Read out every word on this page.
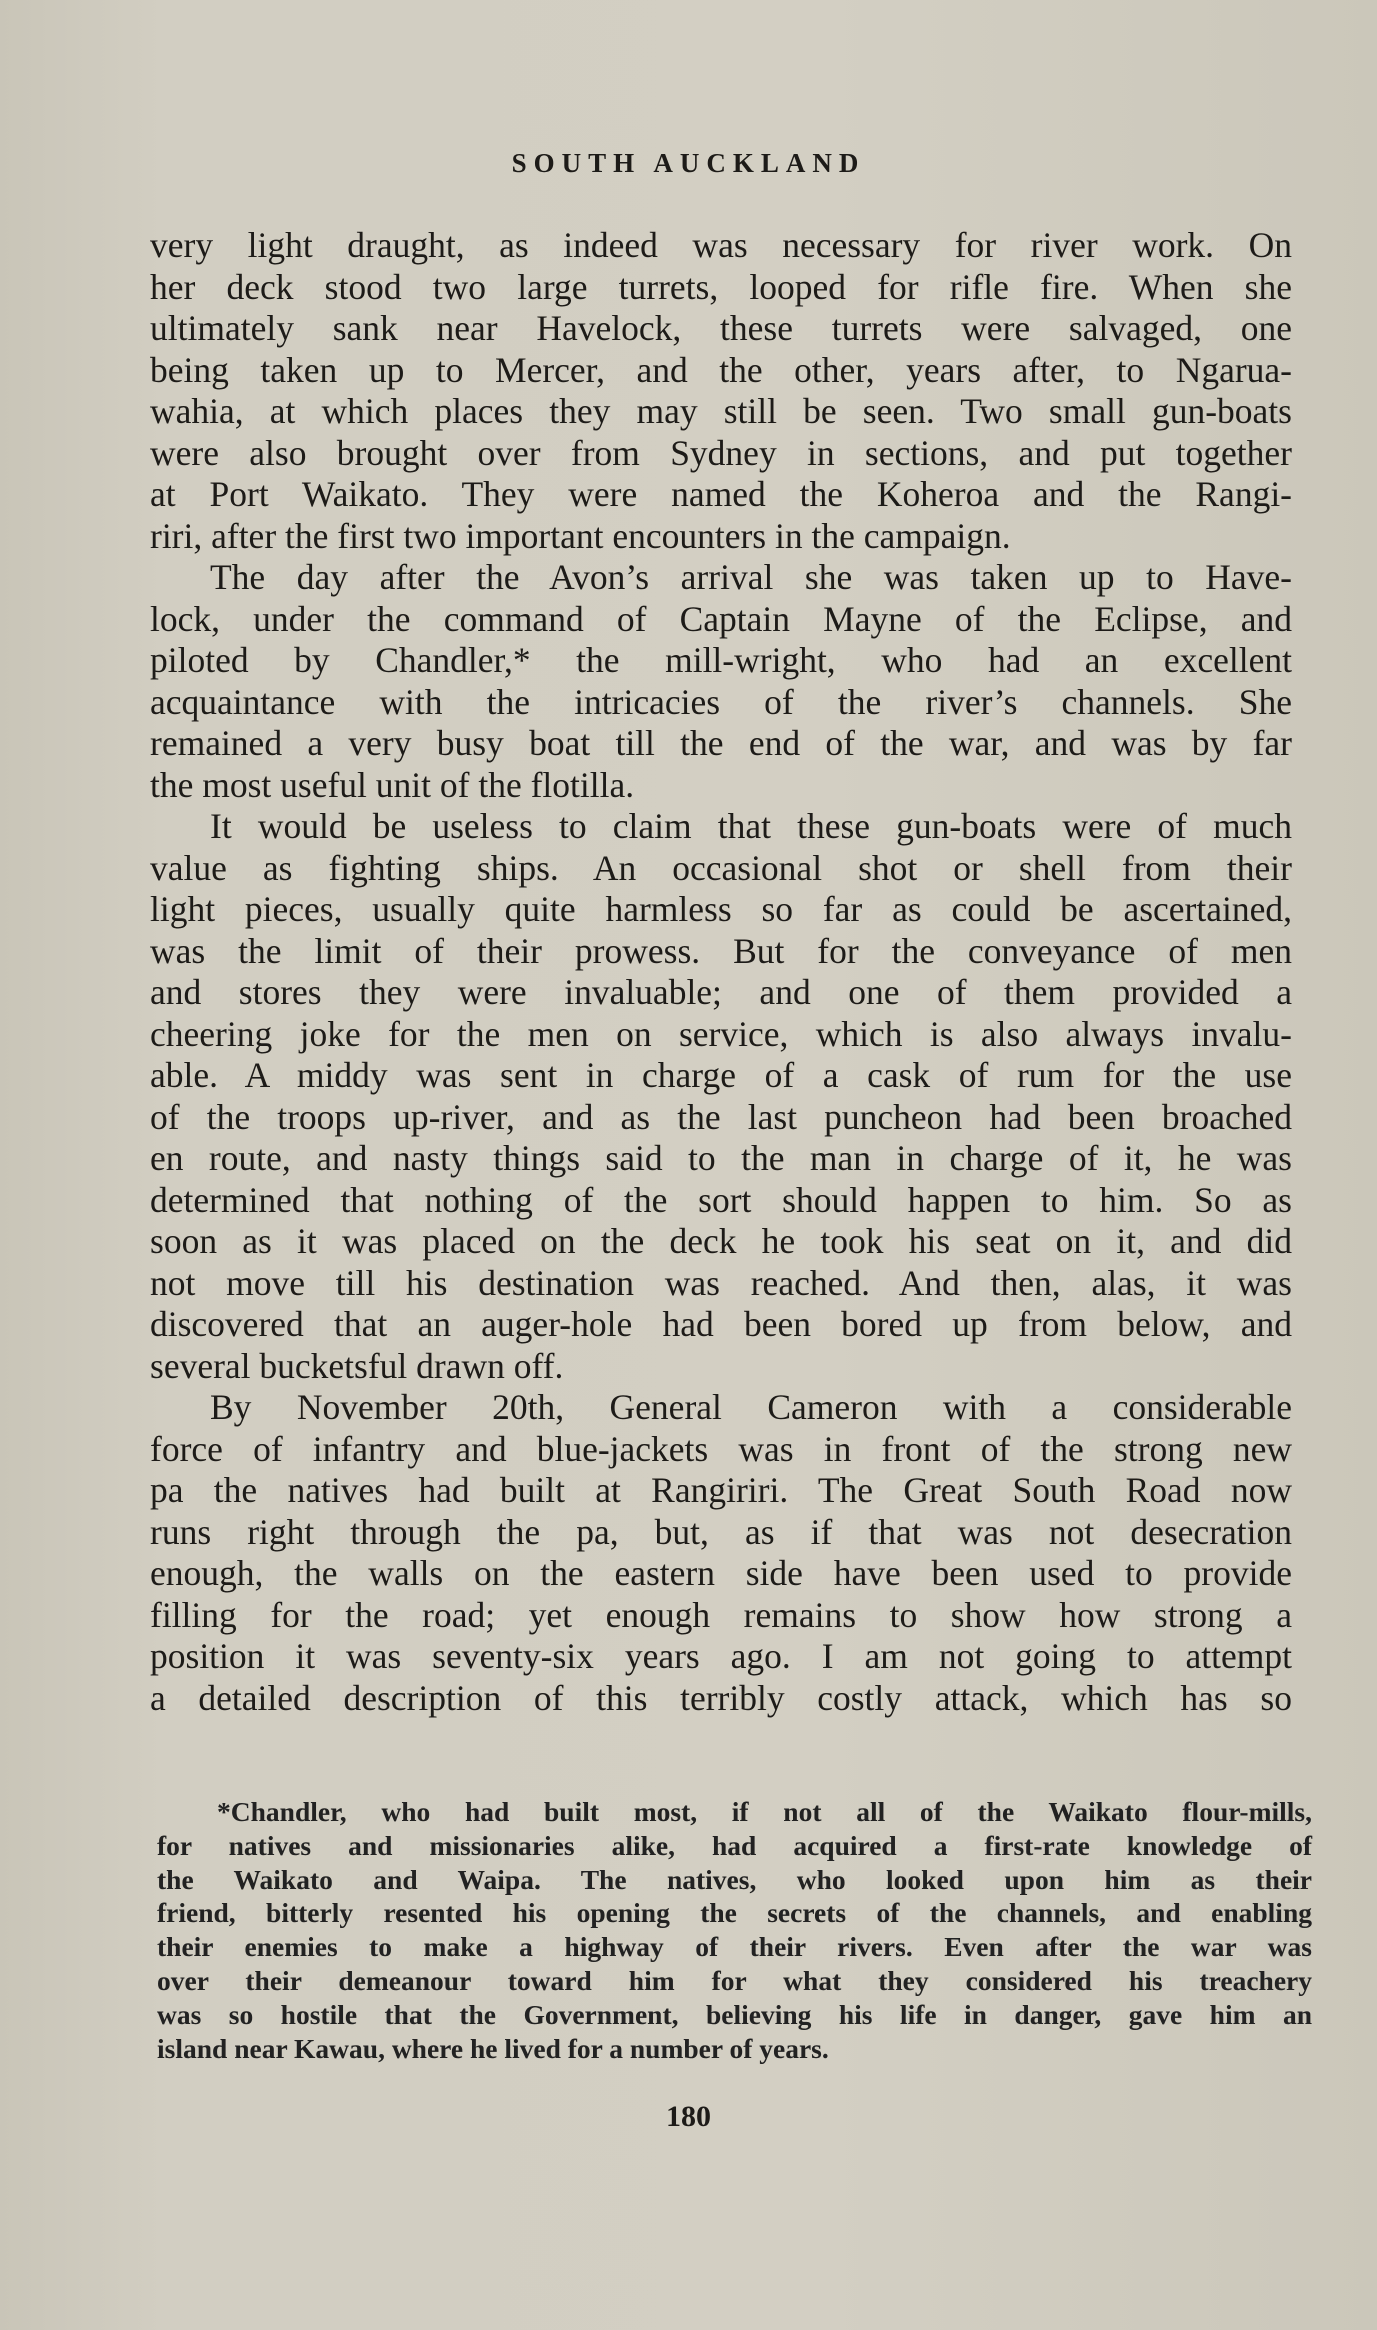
SOUTH AUCKLAND
very light draught, as indeed was necessary for river work. On
her deck stood two large turrets, looped for rifle fire. When she
ultimately sank near Havelock, these turrets were salvaged, one
being taken up to Mercer, and the other, years after, to Ngarua-
wahia, at which places they may still be seen. Two small gun-boats
were also brought over from Sydney in sections, and put together
at Port Waikato. They were named the Koheroa and the Rangi-
riri, after the first two important encounters in the campaign.
The day after the Avon’s arrival she was taken up to Have-
lock, under the command of Captain Mayne of the Eclipse, and
piloted by Chandler,* the mill-wright, who had an excellent
acquaintance with the intricacies of the river’s channels. She
remained a very busy boat till the end of the war, and was by far
the most useful unit of the flotilla.
It would be useless to claim that these gun-boats were of much
value as fighting ships. An occasional shot or shell from their
light pieces, usually quite harmless so far as could be ascertained,
was the limit of their prowess. But for the conveyance of men
and stores they were invaluable; and one of them provided a
cheering joke for the men on service, which is also always invalu-
able. A middy was sent in charge of a cask of rum for the use
of the troops up-river, and as the last puncheon had been broached
en route, and nasty things said to the man in charge of it, he was
determined that nothing of the sort should happen to him. So as
soon as it was placed on the deck he took his seat on it, and did
not move till his destination was reached. And then, alas, it was
discovered that an auger-hole had been bored up from below, and
several bucketsful drawn off.
By November 20th, General Cameron with a considerable
force of infantry and blue-jackets was in front of the strong new
pa the natives had built at Rangiriri. The Great South Road now
runs right through the pa, but, as if that was not desecration
enough, the walls on the eastern side have been used to provide
filling for the road; yet enough remains to show how strong a
position it was seventy-six years ago. I am not going to attempt
a detailed description of this terribly costly attack, which has so
*Chandler, who had built most, if not all of the Waikato flour-mills,
for natives and missionaries alike, had acquired a first-rate knowledge of
the Waikato and Waipa. The natives, who looked upon him as their
friend, bitterly resented his opening the secrets of the channels, and enabling
their enemies to make a highway of their rivers. Even after the war was
over their demeanour toward him for what they considered his treachery
was so hostile that the Government, believing his life in danger, gave him an
island near Kawau, where he lived for a number of years.
180
